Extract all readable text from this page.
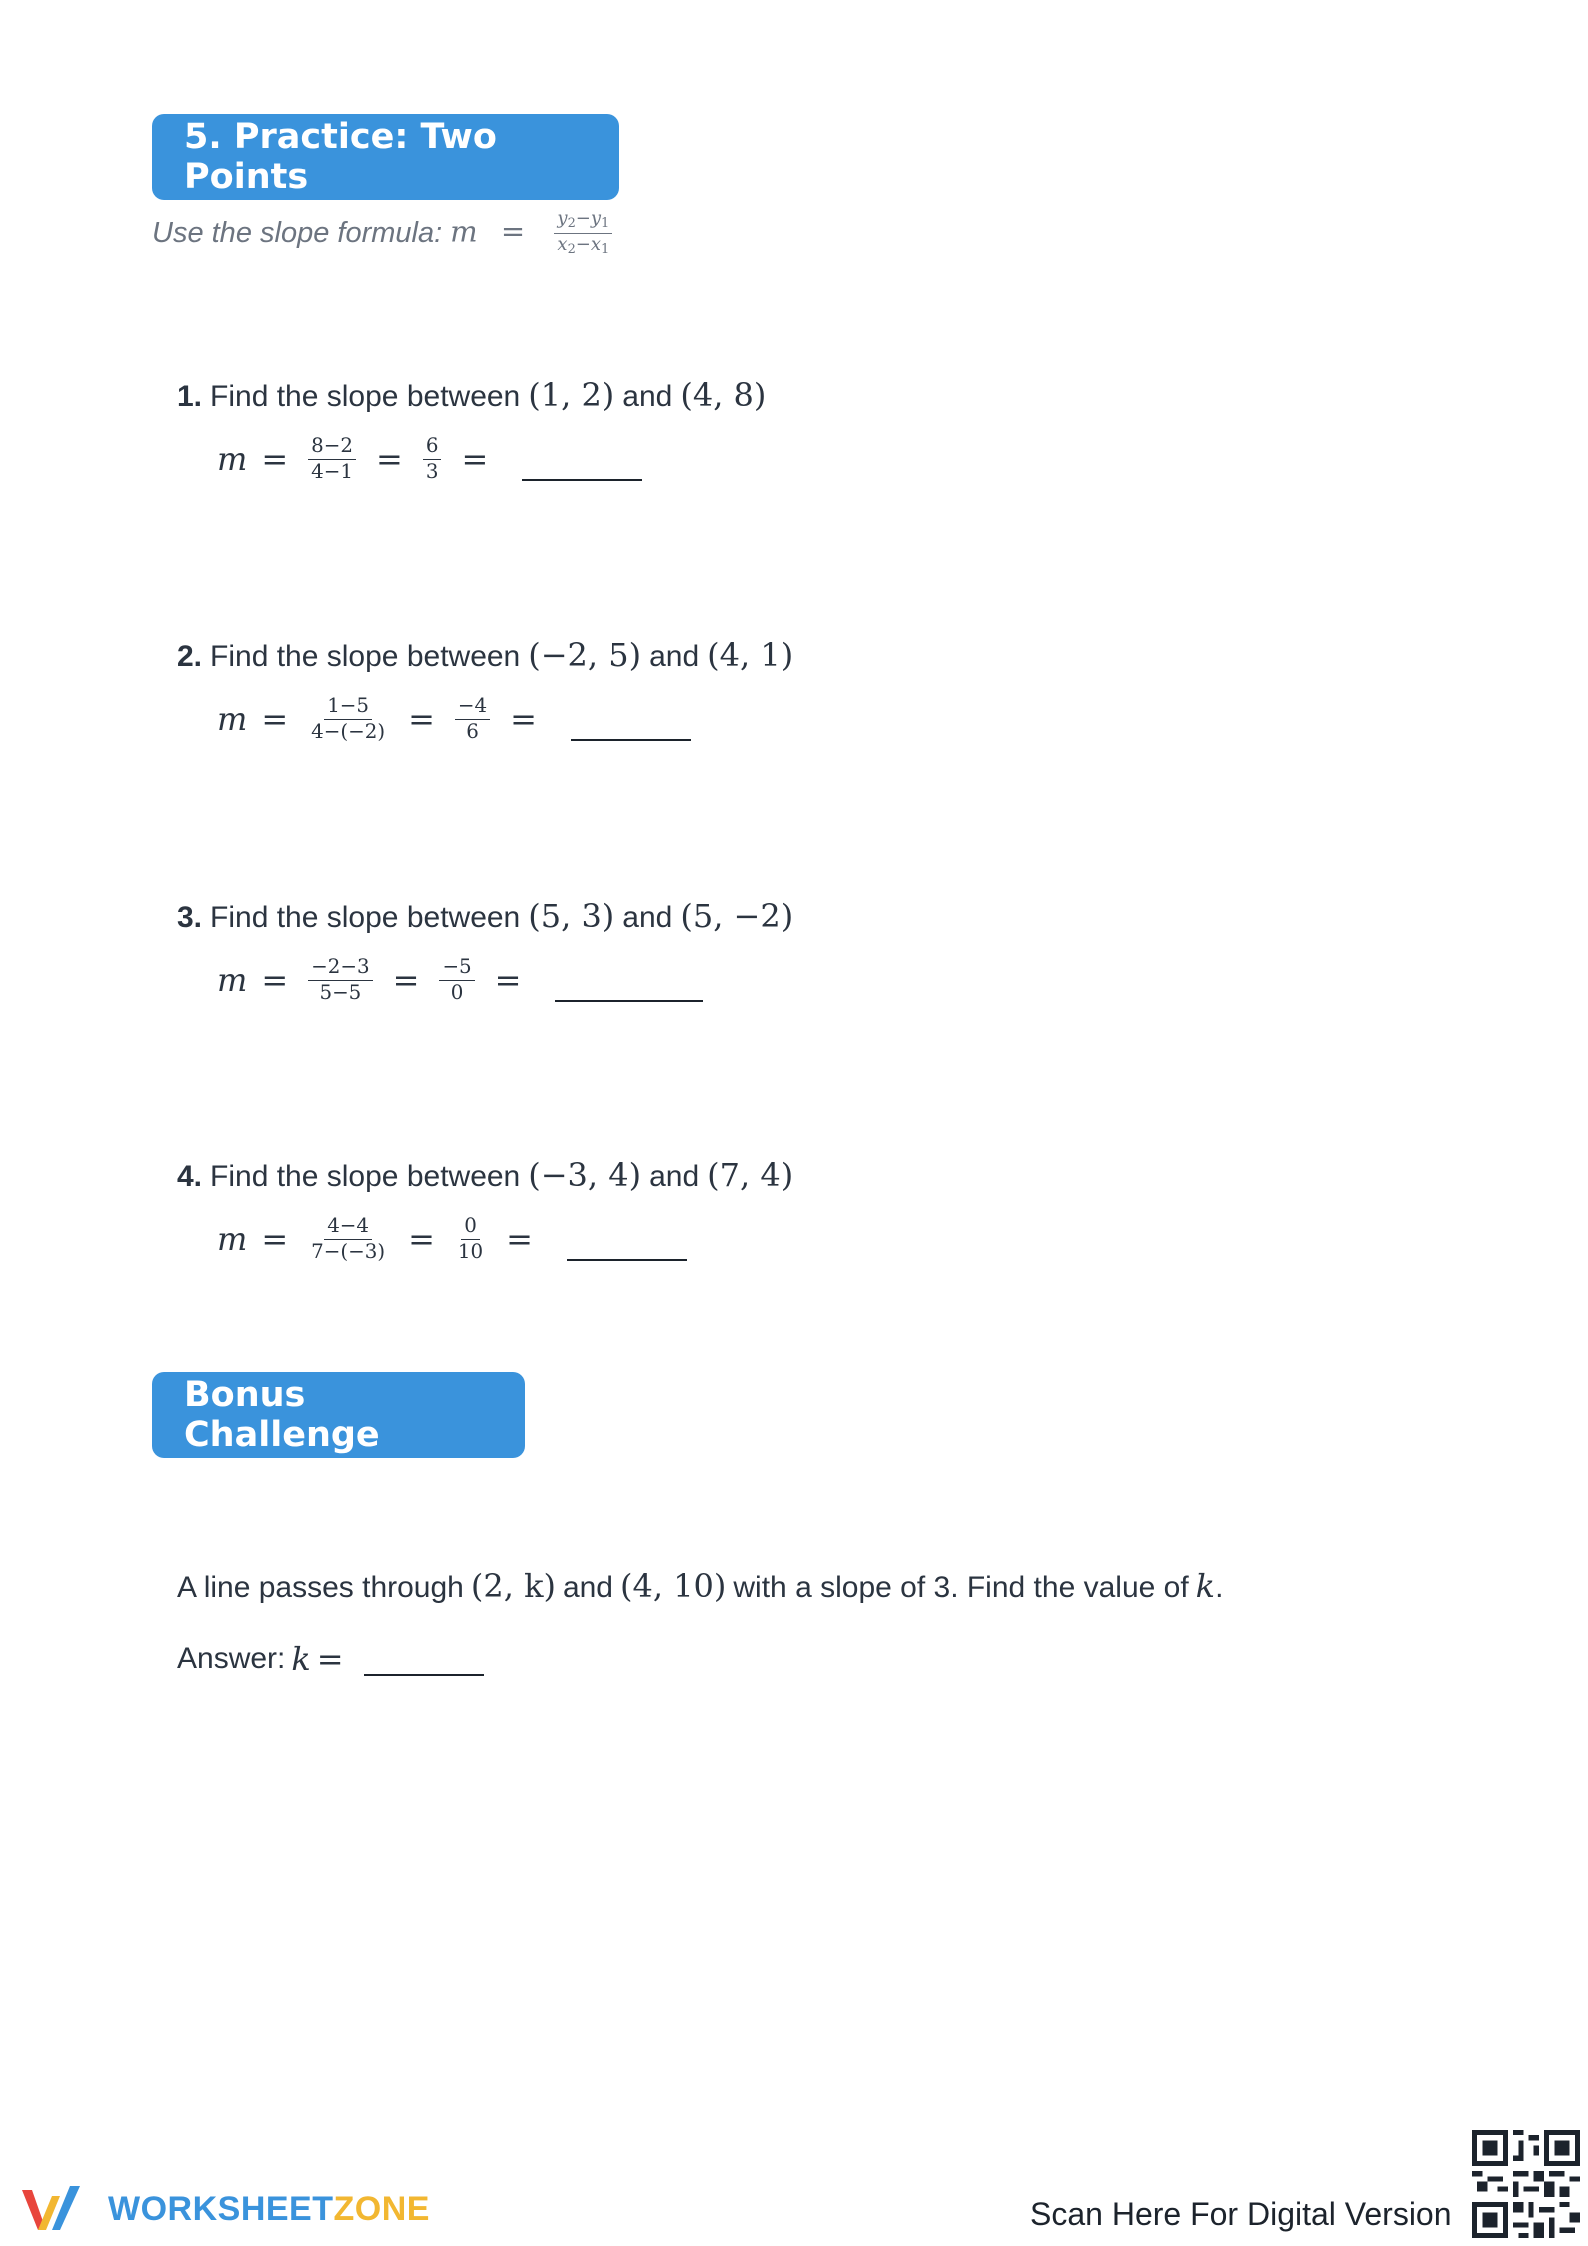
5. Practice: Two Points
Use the slope formula: $m = \frac{y_2-y_1}{x_2-x_1}$
1. Find the slope between (1, 2) and (4, 8)
$m = \frac{8-2}{4-1} = \frac{6}{3}$ =
2. Find the slope between (−2, 5) and (4, 1)
$m = \frac{1-5}{4-(-2)} = \frac{-4}{6}$ =
3. Find the slope between (5, 3) and (5, −2)
$m = \frac{-2-3}{5-5} = \frac{-5}{0}$ =
4. Find the slope between (−3, 4) and (7, 4)
$m = \frac{4-4}{7-(-3)} = \frac{0}{10}$ =
Bonus Challenge
A line passes through (2, k) and (4, 10) with a slope of 3. Find the value of k .
Answer: k =
WORKSHEETZONE	Scan Here For Digital Version
